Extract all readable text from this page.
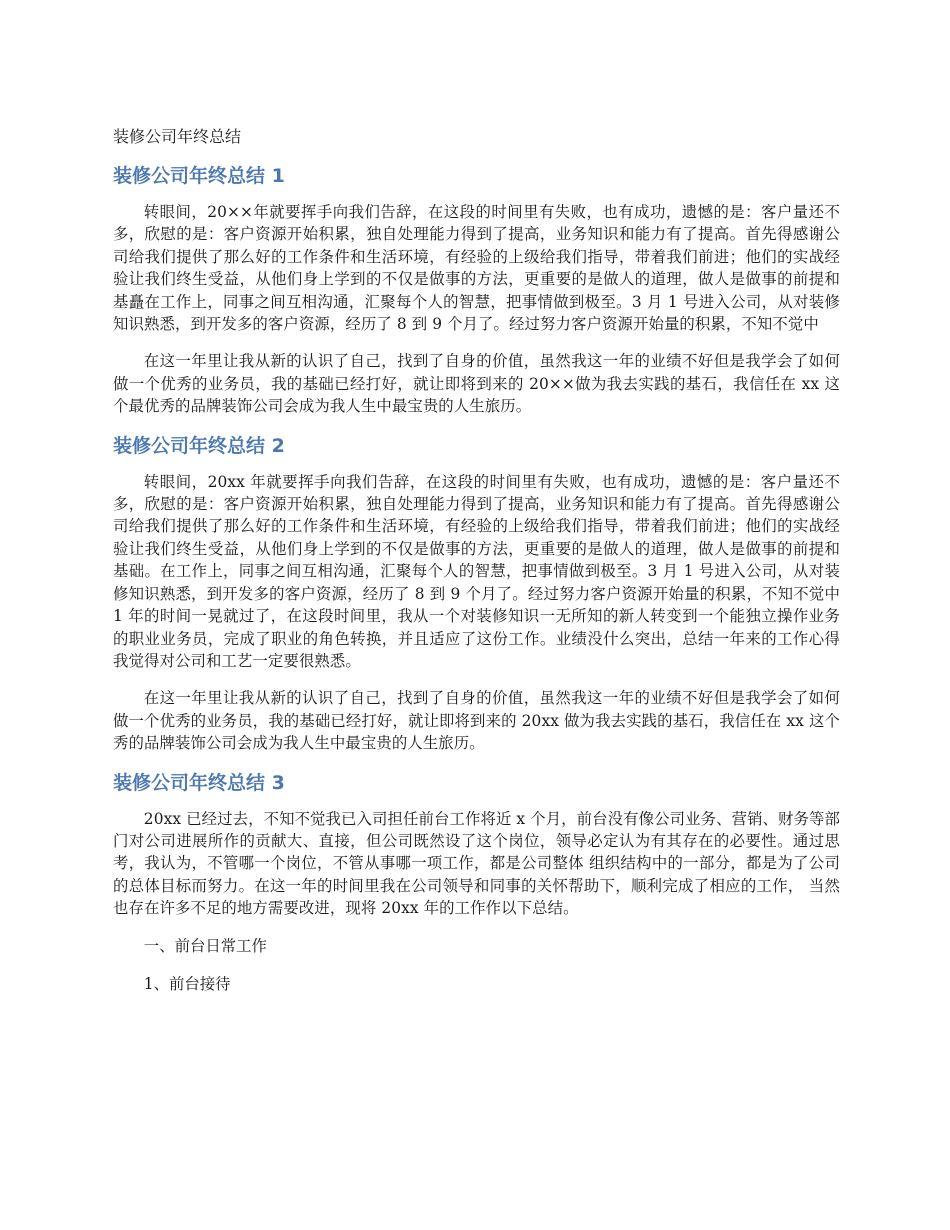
装修公司年终总结
装修公司年终总结 1

转眼间，20××年就要挥手向我们告辞，在这段的时间里有失败，也有成功，遗憾的是：客户量还不多，欣慰的是：客户资源开始积累，独自处理能力得到了提高，业务知识和能力有了提高。首先得感谢公司给我们提供了那么好的工作条件和生活环境，有经验的上级给我们指导，带着我们前进；他们的实战经验让我们终生受益，从他们身上学到的不仅是做事的方法，更重要的是做人的道理，做人是做事的前提和基矗在工作上，同事之间互相沟通，汇聚每个人的智慧，把事情做到极至。3 月 1 号进入公司，从对装修知识熟悉，到开发多的客户资源，经历了 8 到 9 个月了。经过努力客户资源开始量的积累，不知不觉中

在这一年里让我从新的认识了自己，找到了自身的价值，虽然我这一年的业绩不好但是我学会了如何做一个优秀的业务员，我的基础已经打好，就让即将到来的 20××做为我去实践的基石，我信任在 xx 这个最优秀的品牌装饰公司会成为我人生中最宝贵的人生旅历。

装修公司年终总结 2

转眼间，20xx 年就要挥手向我们告辞，在这段的时间里有失败，也有成功，遗憾的是：客户量还不多，欣慰的是：客户资源开始积累，独自处理能力得到了提高，业务知识和能力有了提高。首先得感谢公司给我们提供了那么好的工作条件和生活环境，有经验的上级给我们指导，带着我们前进；他们的实战经验让我们终生受益，从他们身上学到的不仅是做事的方法，更重要的是做人的道理，做人是做事的前提和基础。在工作上，同事之间互相沟通，汇聚每个人的智慧，把事情做到极至。3 月 1 号进入公司，从对装修知识熟悉，到开发多的客户资源，经历了 8 到 9 个月了。经过努力客户资源开始量的积累，不知不觉中 1 年的时间一晃就过了，在这段时间里，我从一个对装修知识一无所知的新人转变到一个能独立操作业务的职业业务员，完成了职业的角色转换，并且适应了这份工作。业绩没什么突出，总结一年来的工作心得我觉得对公司和工艺一定要很熟悉。

在这一年里让我从新的认识了自己，找到了自身的价值，虽然我这一年的业绩不好但是我学会了如何做一个优秀的业务员，我的基础已经打好，就让即将到来的 20xx 做为我去实践的基石，我信任在 xx 这个秀的品牌装饰公司会成为我人生中最宝贵的人生旅历。

装修公司年终总结 3

20xx 已经过去，不知不觉我已入司担任前台工作将近 x 个月，前台没有像公司业务、营销、财务等部门对公司进展所作的贡献大、直接，但公司既然设了这个岗位，领导必定认为有其存在的必要性。通过思考，我认为，不管哪一个岗位，不管从事哪一项工作，都是公司整体 组织结构中的一部分，都是为了公司的总体目标而努力。在这一年的时间里我在公司领导和同事的关怀帮助下，顺利完成了相应的工作， 当然也存在许多不足的地方需要改进，现将 20xx 年的工作作以下总结。

一、前台日常工作
1、前台接待
